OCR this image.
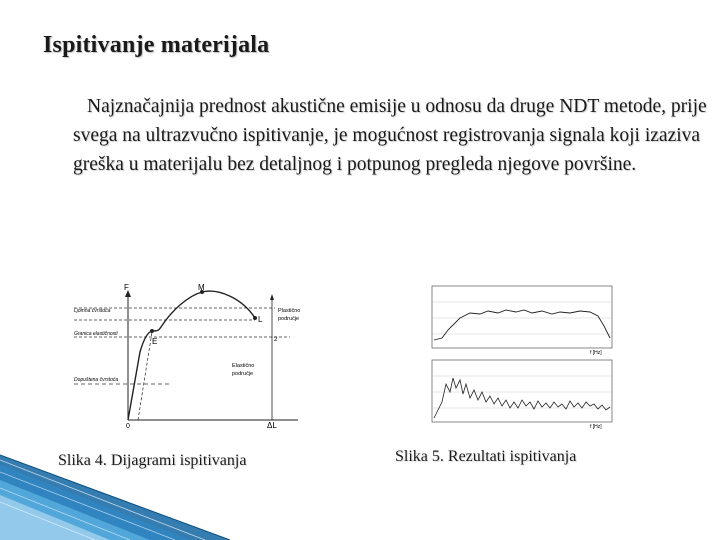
Ispitivanje materijala
Najznačajnija prednost akustične emisije u odnosu da druge NDT metode, prije svega na ultrazvučno ispitivanje, je mogućnost registrovanja signala koji izaziva greška u materijalu bez detaljnog i potpunog pregleda njegove površine.
F	M
L
E
0	ΔL
Lјomna čvrstoća
Granica elastičnosti
Dopuštena čvrstoća
Plastično
područje
2
Elastično
područje
f [Hz]
f [Hz]
Slika 4. Dijagrami ispitivanja	Slika 5. Rezultati ispitivanja
